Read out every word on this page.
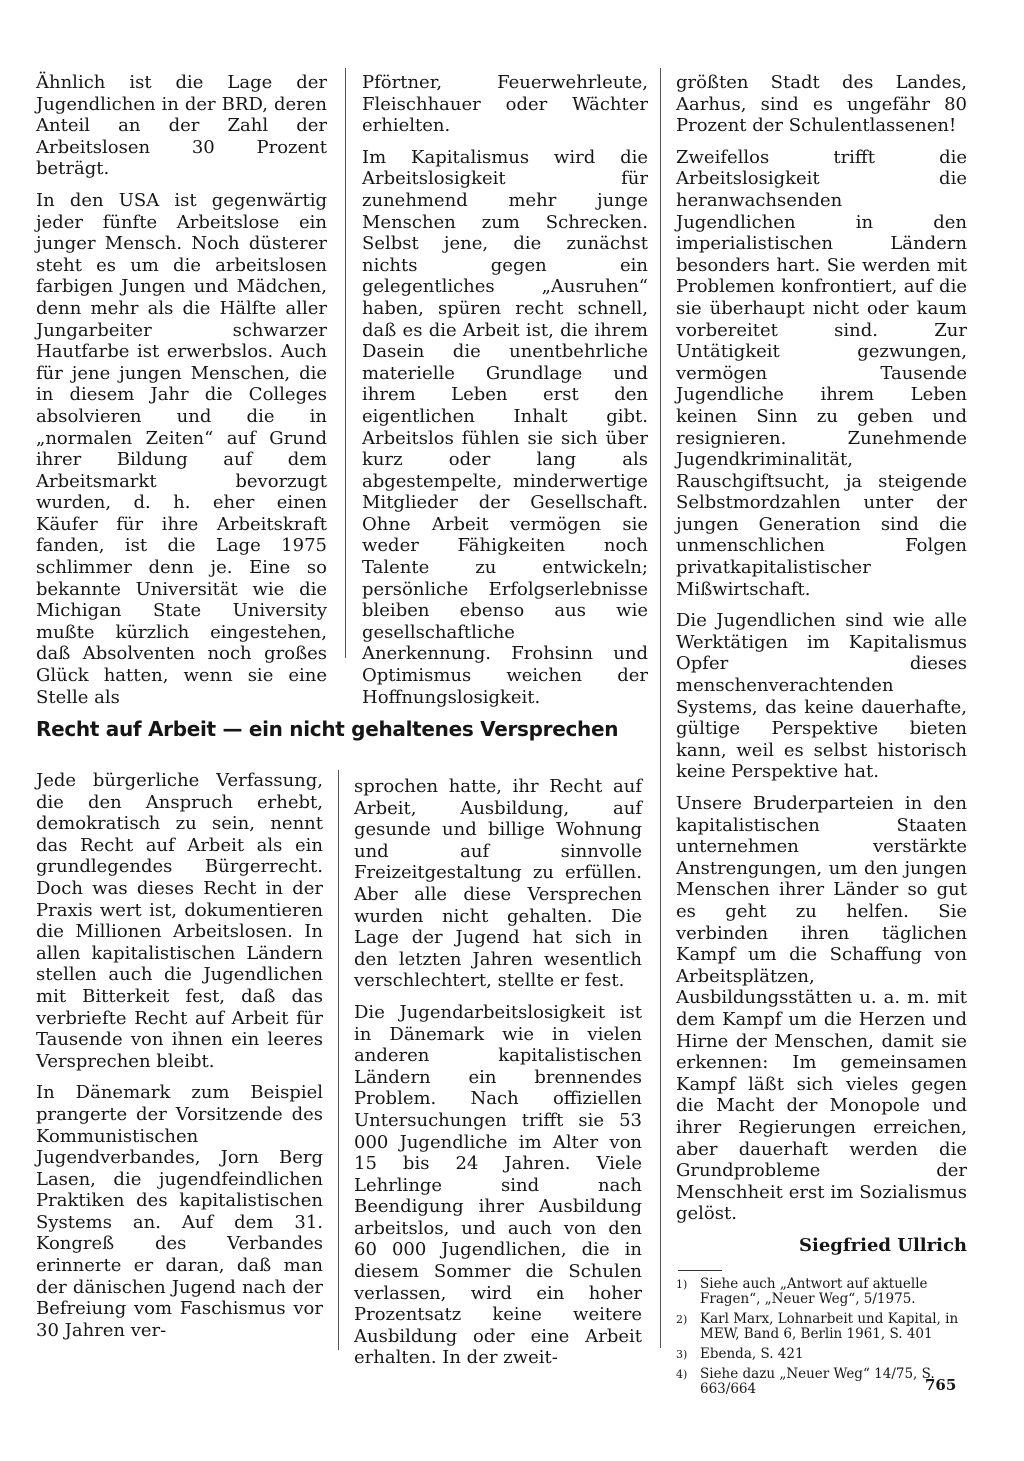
Ähnlich ist die Lage der Jugendlichen in der BRD, deren Anteil an der Zahl der Arbeitslosen 30 Prozent beträgt.

In den USA ist gegenwärtig jeder fünfte Arbeitslose ein junger Mensch. Noch düsterer steht es um die arbeitslosen farbigen Jungen und Mädchen, denn mehr als die Hälfte aller Jungarbeiter schwarzer Hautfarbe ist erwerbslos. Auch für jene jungen Menschen, die in diesem Jahr die Colleges absolvieren und die in „normalen Zeiten“ auf Grund ihrer Bildung auf dem Arbeitsmarkt bevorzugt wurden, d. h. eher einen Käufer für ihre Arbeitskraft fanden, ist die Lage 1975 schlimmer denn je. Eine so bekannte Universität wie die Michigan State University mußte kürzlich eingestehen, daß Absolventen noch großes Glück hatten, wenn sie eine Stelle als

Pförtner, Feuerwehrleute, Fleischhauer oder Wächter erhielten.

Im Kapitalismus wird die Arbeitslosigkeit für zunehmend mehr junge Menschen zum Schrecken. Selbst jene, die zunächst nichts gegen ein gelegentliches „Ausruhen“ haben, spüren recht schnell, daß es die Arbeit ist, die ihrem Dasein die unentbehrliche materielle Grundlage und ihrem Leben erst den eigentlichen Inhalt gibt. Arbeitslos fühlen sie sich über kurz oder lang als abgestempelte, minderwertige Mitglieder der Gesellschaft. Ohne Arbeit vermögen sie weder Fähigkeiten noch Talente zu entwickeln; persönliche Erfolgserlebnisse bleiben ebenso aus wie gesellschaftliche Anerkennung. Frohsinn und Optimismus weichen der Hoffnungslosigkeit.

Recht auf Arbeit — ein nicht gehaltenes Versprechen

Jede bürgerliche Verfassung, die den Anspruch erhebt, demokratisch zu sein, nennt das Recht auf Arbeit als ein grundlegendes Bürgerrecht. Doch was dieses Recht in der Praxis wert ist, dokumentieren die Millionen Arbeitslosen. In allen kapitalistischen Ländern stellen auch die Jugendlichen mit Bitterkeit fest, daß das verbriefte Recht auf Arbeit für Tausende von ihnen ein leeres Versprechen bleibt.

In Dänemark zum Beispiel prangerte der Vorsitzende des Kommunistischen Jugendverbandes, Jorn Berg Lasen, die jugendfeindlichen Praktiken des kapitalistischen Systems an. Auf dem 31. Kongreß des Verbandes erinnerte er daran, daß man der dänischen Jugend nach der Befreiung vom Faschismus vor 30 Jahren ver-

sprochen hatte, ihr Recht auf Arbeit, Ausbildung, auf gesunde und billige Wohnung und auf sinnvolle Freizeitgestaltung zu erfüllen. Aber alle diese Versprechen wurden nicht gehalten. Die Lage der Jugend hat sich in den letzten Jahren wesentlich verschlechtert, stellte er fest.

Die Jugendarbeitslosigkeit ist in Dänemark wie in vielen anderen kapitalistischen Ländern ein brennendes Problem. Nach offiziellen Untersuchungen trifft sie 53 000 Jugendliche im Alter von 15 bis 24 Jahren. Viele Lehrlinge sind nach Beendigung ihrer Ausbildung arbeitslos, und auch von den 60 000 Jugendlichen, die in diesem Sommer die Schulen verlassen, wird ein hoher Prozentsatz keine weitere Ausbildung oder eine Arbeit erhalten. In der zweit-

größten Stadt des Landes, Aarhus, sind es ungefähr 80 Prozent der Schulentlassenen!

Zweifellos trifft die Arbeitslosigkeit die heranwachsenden Jugendlichen in den imperialistischen Ländern besonders hart. Sie werden mit Problemen konfrontiert, auf die sie überhaupt nicht oder kaum vorbereitet sind. Zur Untätigkeit gezwungen, vermögen Tausende Jugendliche ihrem Leben keinen Sinn zu geben und resignieren. Zunehmende Jugendkriminalität, Rauschgiftsucht, ja steigende Selbstmordzahlen unter der jungen Generation sind die unmenschlichen Folgen privatkapitalistischer Mißwirtschaft.

Die Jugendlichen sind wie alle Werktätigen im Kapitalismus Opfer dieses menschenverachtenden Systems, das keine dauerhafte, gültige Perspektive bieten kann, weil es selbst historisch keine Perspektive hat.

Unsere Bruderparteien in den kapitalistischen Staaten unternehmen verstärkte Anstrengungen, um den jungen Menschen ihrer Länder so gut es geht zu helfen. Sie verbinden ihren täglichen Kampf um die Schaffung von Arbeitsplätzen, Ausbildungsstätten u. a. m. mit dem Kampf um die Herzen und Hirne der Menschen, damit sie erkennen: Im gemeinsamen Kampf läßt sich vieles gegen die Macht der Monopole und ihrer Regierungen erreichen, aber dauerhaft werden die Grundprobleme der Menschheit erst im Sozialismus gelöst.

Siegfried Ullrich

1) Siehe auch „Antwort auf aktuelle Fragen“, „Neuer Weg“, 5/1975.
2) Karl Marx, Lohnarbeit und Kapital, in MEW, Band 6, Berlin 1961, S. 401
3) Ebenda, S. 421
4) Siehe dazu „Neuer Weg“ 14/75, S. 663/664	765
